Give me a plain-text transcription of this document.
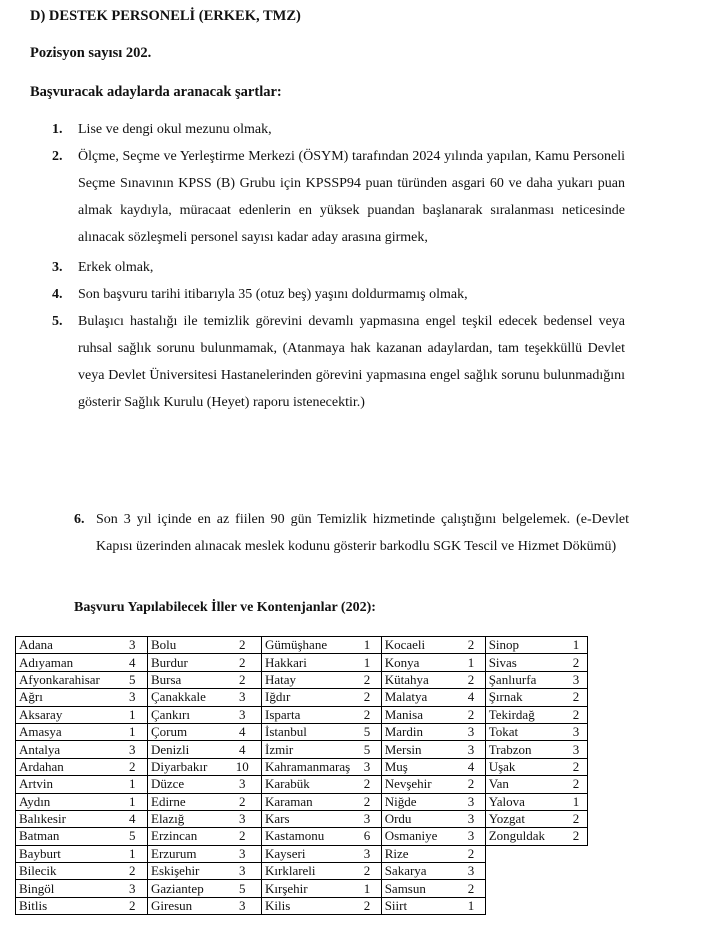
D) DESTEK PERSONELİ (ERKEK, TMZ)
Pozisyon sayısı 202.
Başvuracak adaylarda aranacak şartlar:
1. Lise ve dengi okul mezunu olmak,
2. Ölçme, Seçme ve Yerleştirme Merkezi (ÖSYM) tarafından 2024 yılında yapılan, Kamu Personeli Seçme Sınavının KPSS (B) Grubu için KPSSP94 puan türünden asgari 60 ve daha yukarı puan almak kaydıyla, müracaat edenlerin en yüksek puandan başlanarak sıralanması neticesinde alınacak sözleşmeli personel sayısı kadar aday arasına girmek,
3. Erkek olmak,
4. Son başvuru tarihi itibarıyla 35 (otuz beş) yaşını doldurmamış olmak,
5. Bulaşıcı hastalığı ile temizlik görevini devamlı yapmasına engel teşkil edecek bedensel veya ruhsal sağlık sorunu bulunmamak, (Atanmaya hak kazanan adaylardan, tam teşekküllü Devlet veya Devlet Üniversitesi Hastanelerinden görevini yapmasına engel sağlık sorunu bulunmadığını gösterir Sağlık Kurulu (Heyet) raporu istenecektir.)
6. Son 3 yıl içinde en az fiilen 90 gün Temizlik hizmetinde çalıştığını belgelemek. (e-Devlet Kapısı üzerinden alınacak meslek kodunu gösterir barkodlu SGK Tescil ve Hizmet Dökümü)
Başvuru Yapılabilecek İller ve Kontenjanlar (202):
Adana	3	Bolu	2	Gümüşhane	1	Kocaeli	2	Sinop	1
Adıyaman	4	Burdur	2	Hakkari	1	Konya	1	Sivas	2
Afyonkarahisar	5	Bursa	2	Hatay	2	Kütahya	2	Şanlıurfa	3
Ağrı	3	Çanakkale	3	Iğdır	2	Malatya	4	Şırnak	2
Aksaray	1	Çankırı	3	Isparta	2	Manisa	2	Tekirdağ	2
Amasya	1	Çorum	4	İstanbul	5	Mardin	3	Tokat	3
Antalya	3	Denizli	4	İzmir	5	Mersin	3	Trabzon	3
Ardahan	2	Diyarbakır	10	Kahramanmaraş	3	Muş	4	Uşak	2
Artvin	1	Düzce	3	Karabük	2	Nevşehir	2	Van	2
Aydın	1	Edirne	2	Karaman	2	Niğde	3	Yalova	1
Balıkesir	4	Elazığ	3	Kars	3	Ordu	3	Yozgat	2
Batman	5	Erzincan	2	Kastamonu	6	Osmaniye	3	Zonguldak	2
Bayburt	1	Erzurum	3	Kayseri	3	Rize	2		
Bilecik	2	Eskişehir	3	Kırklareli	2	Sakarya	3		
Bingöl	3	Gaziantep	5	Kırşehir	1	Samsun	2		
Bitlis	2	Giresun	3	Kilis	2	Siirt	1		
